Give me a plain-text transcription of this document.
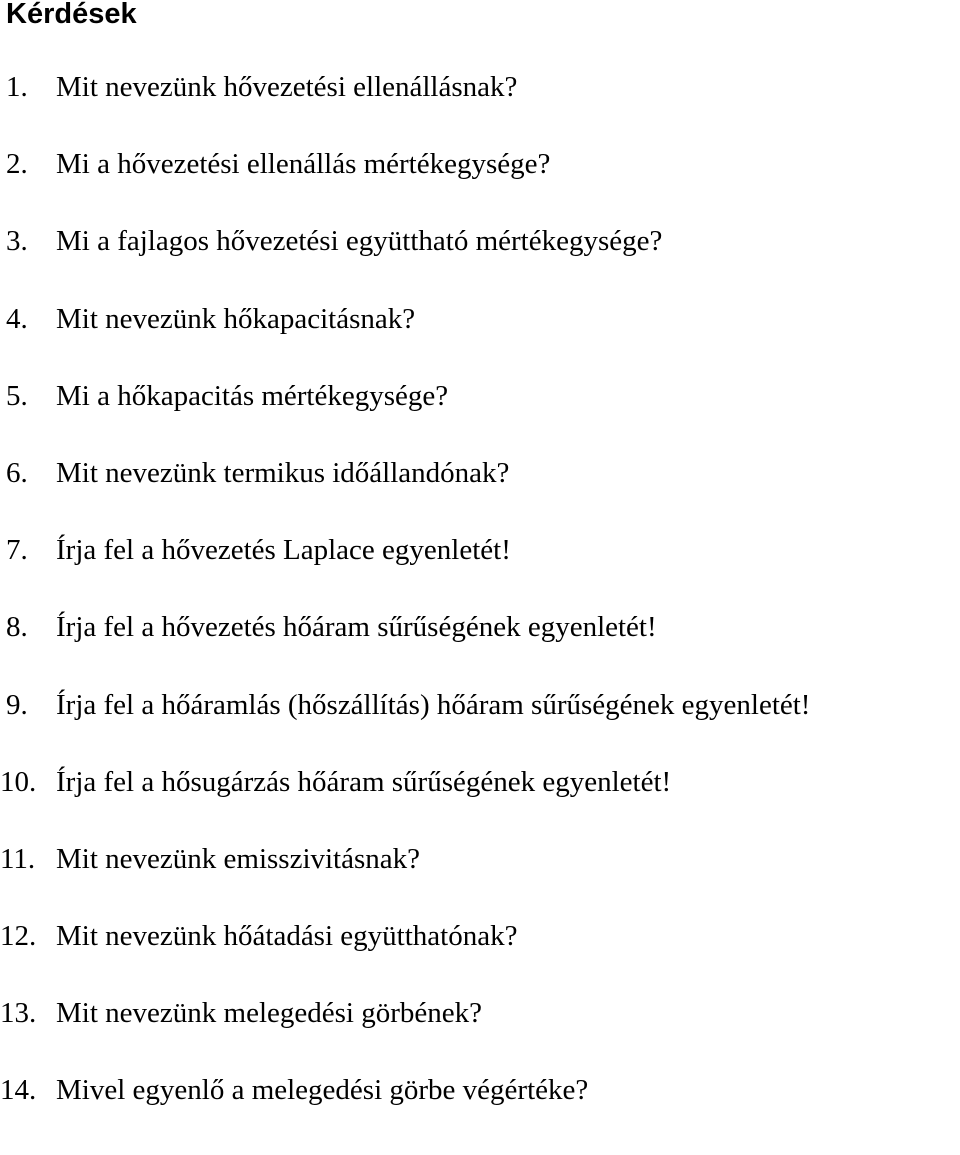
Kérdések
1. Mit nevezünk hővezetési ellenállásnak?
2. Mi a hővezetési ellenállás mértékegysége?
3. Mi a fajlagos hővezetési együttható mértékegysége?
4. Mit nevezünk hőkapacitásnak?
5. Mi a hőkapacitás mértékegysége?
6. Mit nevezünk termikus időállandónak?
7. Írja fel a hővezetés Laplace egyenletét!
8. Írja fel a hővezetés hőáram sűrűségének egyenletét!
9. Írja fel a hőáramlás (hőszállítás) hőáram sűrűségének egyenletét!
10. Írja fel a hősugárzás hőáram sűrűségének egyenletét!
11. Mit nevezünk emisszivitásnak?
12. Mit nevezünk hőátadási együtthatónak?
13. Mit nevezünk melegedési görbének?
14. Mivel egyenlő a melegedési görbe végértéke?
